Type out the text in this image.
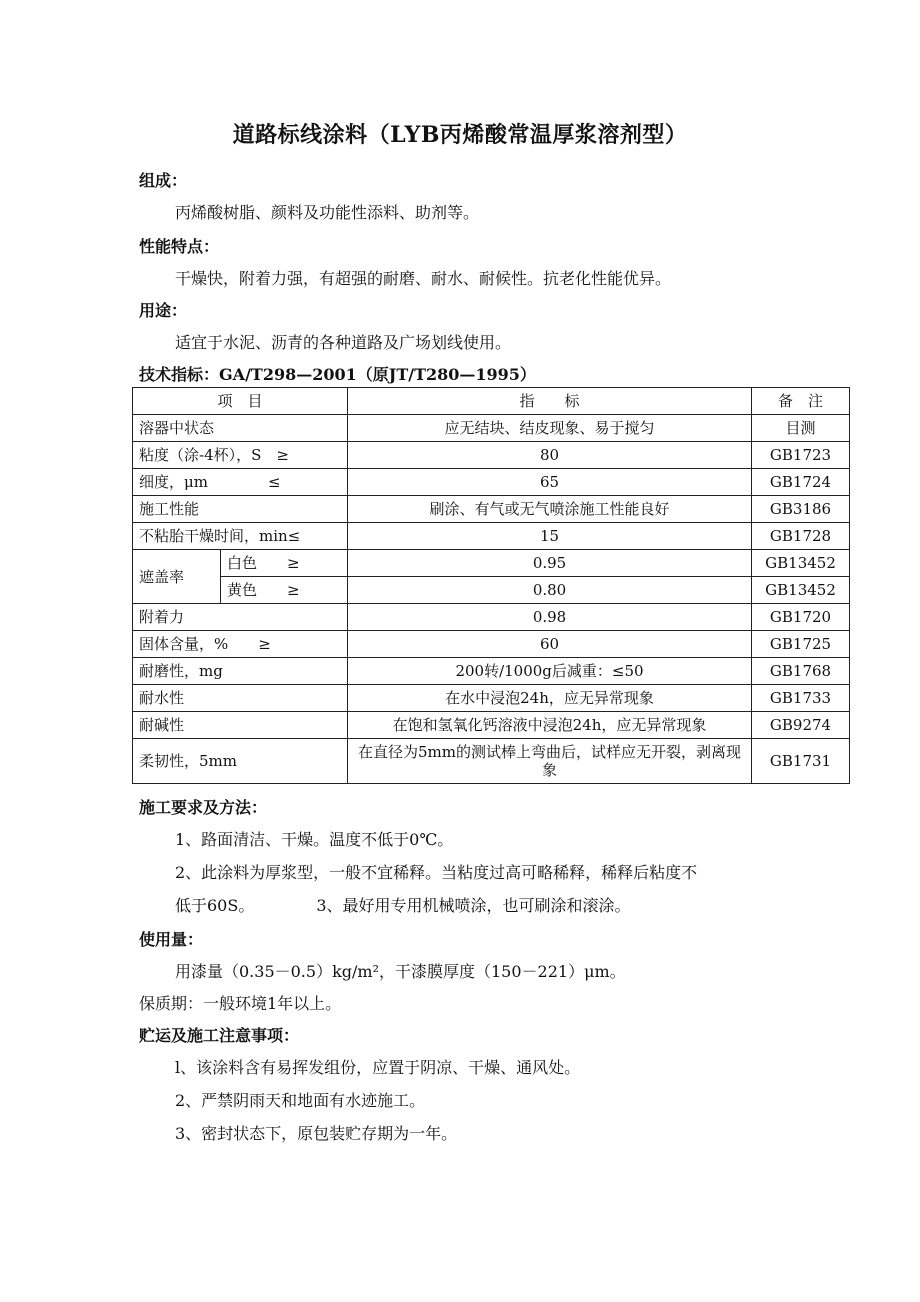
道路标线涂料（LYB丙烯酸常温厚浆溶剂型）
组成：
丙烯酸树脂、颜料及功能性添料、助剂等。
性能特点：
干燥快，附着力强，有超强的耐磨、耐水、耐候性。抗老化性能优异。
用途：
适宜于水泥、沥青的各种道路及广场划线使用。
技术指标：GA/T298—2001（原JT/T280—1995）
项　目		指　　标	备　注
溶器中状态		应无结块、结皮现象、易于搅匀	目测
粘度（涂-4杯），S　≥		80	GB1723
细度，μm　　　　≤		65	GB1724
施工性能		刷涂、有气或无气喷涂施工性能良好	GB3186
不粘胎干燥时间，min≤		15	GB1728
遮盖率	白色　　≥	0.95	GB13452
	黄色　　≥	0.80	GB13452
附着力		0.98	GB1720
固体含量，%　　≥		60	GB1725
耐磨性，mg		200转/1000g后减重：≤50	GB1768
耐水性		在水中浸泡24h，应无异常现象	GB1733
耐碱性		在饱和氢氧化钙溶液中浸泡24h，应无异常现象	GB9274
柔韧性，5mm		在直径为5mm的测试棒上弯曲后，试样应无开裂，剥离现象	GB1731
施工要求及方法：
1、路面清洁、干燥。温度不低于0℃。
2、此涂料为厚浆型，一般不宜稀释。当粘度过高可略稀释，稀释后粘度不
低于60S。	3、最好用专用机械喷涂，也可刷涂和滚涂。
使用量：
用漆量（0.35－0.5）kg/m²，干漆膜厚度（150－221）μm。
保质期：一般环境1年以上。
贮运及施工注意事项：
l、该涂料含有易挥发组份，应置于阴凉、干燥、通风处。
2、严禁阴雨天和地面有水迹施工。
3、密封状态下，原包装贮存期为一年。
